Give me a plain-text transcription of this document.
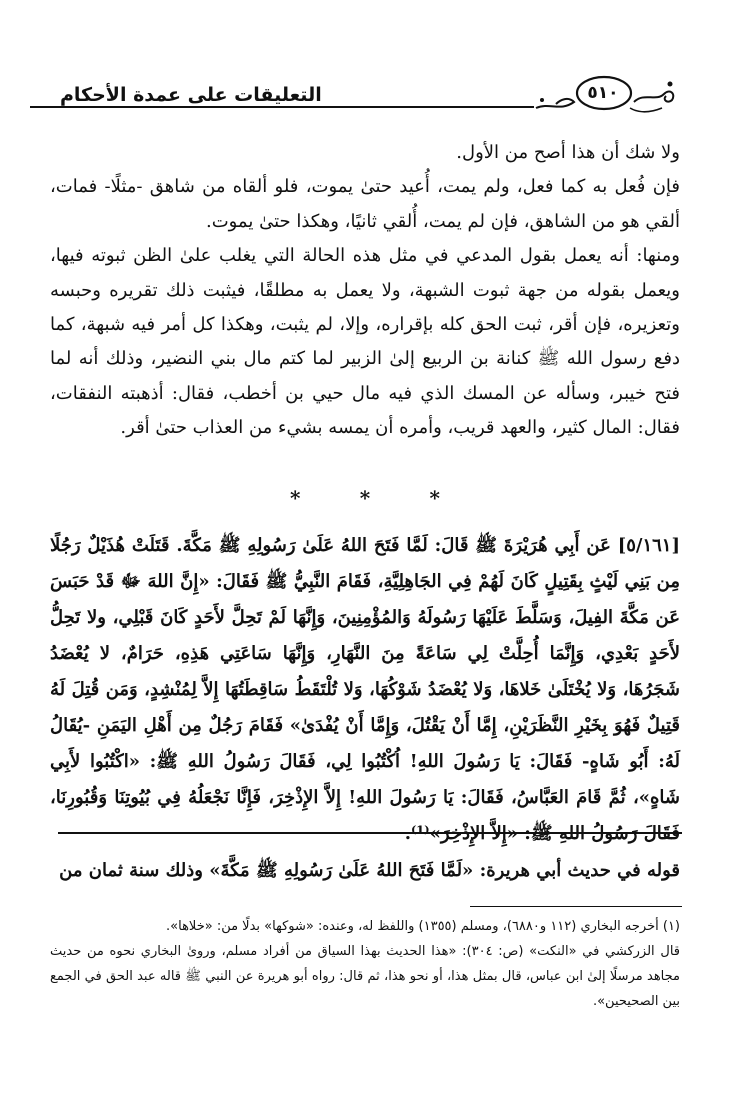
التعليقات على عمدة الأحكام	٥١٠

ولا شك أن هذا أصح من الأول.

فإن فُعل به كما فعل، ولم يمت، أُعيد حتىٰ يموت، فلو ألقاه من شاهق -مثلًا- فمات، ألقي هو من الشاهق، فإن لم يمت، أُلقي ثانيًا، وهكذا حتىٰ يموت.

ومنها: أنه يعمل بقول المدعي في مثل هذه الحالة التي يغلب علىٰ الظن ثبوته فيها، ويعمل بقوله من جهة ثبوت الشبهة، ولا يعمل به مطلقًا، فيثبت ذلك تقريره وحبسه وتعزيره، فإن أقر، ثبت الحق كله بإقراره، وإلا، لم يثبت، وهكذا كل أمر فيه شبهة، كما دفع رسول الله ﷺ كنانة بن الربيع إلىٰ الزبير لما كتم مال بني النضير، وذلك أنه لما فتح خيبر، وسأله عن المسك الذي فيه مال حيي بن أخطب، فقال: أذهبته النفقات، فقال: المال كثير، والعهد قريب، وأمره أن يمسه بشيء من العذاب حتىٰ أقر.

*	*	*

[٥/١٦١] عَن أَبِي هُرَيْرَةَ ﷺ قَالَ: لَمَّا فَتَحَ اللهُ عَلَىٰ رَسُولِهِ ﷺ مَكَّةَ. قَتَلَتْ هُذَيْلٌ رَجُلًا مِن بَنِي لَيْثٍ بِقَتِيلٍ كَانَ لَهُمْ فِي الجَاهِلِيَّةِ، فَقَامَ النَّبِيُّ ﷺ فَقَالَ: «إِنَّ اللهَ ﷻ قَدْ حَبَسَ عَن مَكَّةَ الفِيلَ، وَسَلَّطَ عَلَيْهَا رَسُولَهُ وَالمُؤْمِنِينَ، وَإِنَّهَا لَمْ تَحِلَّ لأَحَدٍ كَانَ قَبْلِي، ولا تَحِلُّ لأَحَدٍ بَعْدِي، وَإِنَّمَا أُحِلَّتْ لِي سَاعَةً مِنَ النَّهَارِ، وَإِنَّهَا سَاعَتِي هَذِهِ، حَرَامٌ، لا يُعْضَدُ شَجَرُهَا، وَلا يُخْتَلَىٰ خَلاهَا، وَلا يُعْضَدُ شَوْكُهَا، وَلا تُلْتَقَطُ سَاقِطَتُهَا إِلاَّ لِمُنْشِدٍ، وَمَن قُتِلَ لَهُ قَتِيلٌ فَهُوَ بِخَيْرِ النَّظَرَيْنِ، إِمَّا أَنْ يَقْتُلَ، وَإِمَّا أَنْ يُفْدَىٰ» فَقَامَ رَجُلٌ مِن أَهْلِ اليَمَنِ -يُقَالُ لَهُ: أَبُو شَاهٍ- فَقَالَ: يَا رَسُولَ اللهِ! اُكْتُبُوا لِي، فَقَالَ رَسُولُ اللهِ ﷺ: «اكْتُبُوا لأَبِي شَاهٍ»، ثُمَّ قَامَ العَبَّاسُ، فَقَالَ: يَا رَسُولَ اللهِ! إِلاَّ الإِذْخِرَ، فَإِنَّا نَجْعَلُهُ فِي بُيُوتِنَا وَقُبُورِنَا، فَقَالَ رَسُولُ اللهِ ﷺ: «إِلاَّ الإِذْخِرَ»⁽¹⁾.

قوله في حديث أبي هريرة: «لَمَّا فَتَحَ اللهُ عَلَىٰ رَسُولِهِ ﷺ مَكَّةَ» وذلك سنة ثمان من

(١) أخرجه البخاري (١١٢ و٦٨٨٠)، ومسلم (١٣٥٥) واللفظ له، وعنده: «شوكها» بدلًا من: «خلاها».

قال الزركشي في «النكت» (ص: ٣٠٤): «هذا الحديث بهذا السياق من أفراد مسلم، وروىٰ البخاري نحوه من حديث مجاهد مرسلًا إلىٰ ابن عباس، قال بمثل هذا، أو نحو هذا، ثم قال: رواه أبو هريرة عن النبي ﷺ قاله عبد الحق في الجمع بين الصحيحين».
